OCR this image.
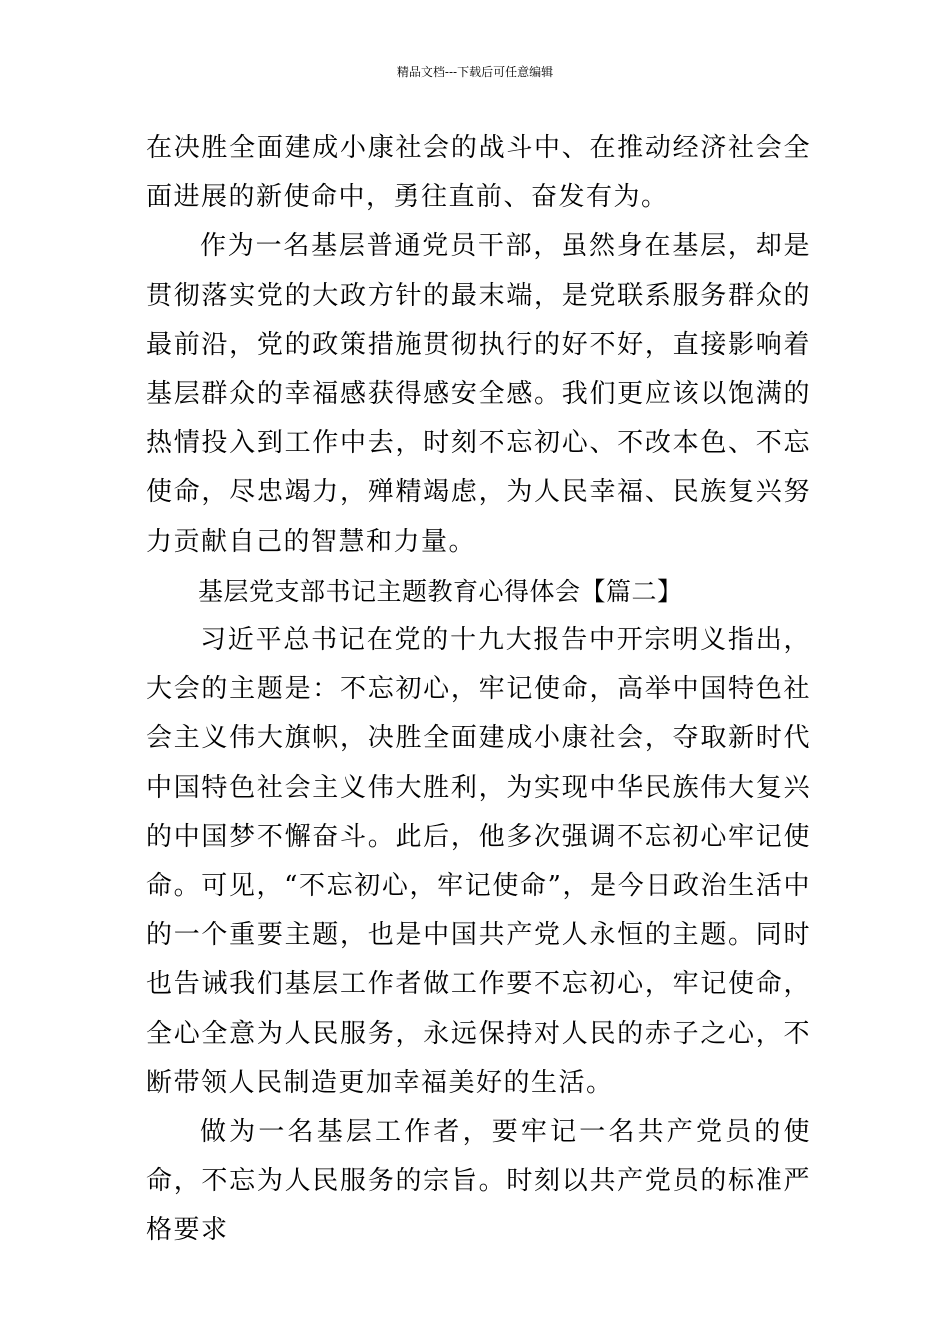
精品文档---下载后可任意编辑

在决胜全面建成小康社会的战斗中、在推动经济社会全面进展的新使命中，勇往直前、奋发有为。

作为一名基层普通党员干部，虽然身在基层，却是贯彻落实党的大政方针的最末端，是党联系服务群众的最前沿，党的政策措施贯彻执行的好不好，直接影响着基层群众的幸福感获得感安全感。我们更应该以饱满的热情投入到工作中去，时刻不忘初心、不改本色、不忘使命，尽忠竭力，殚精竭虑，为人民幸福、民族复兴努力贡献自己的智慧和力量。

基层党支部书记主题教育心得体会【篇二】

习近平总书记在党的十九大报告中开宗明义指出，大会的主题是：不忘初心，牢记使命，高举中国特色社会主义伟大旗帜，决胜全面建成小康社会，夺取新时代中国特色社会主义伟大胜利，为实现中华民族伟大复兴的中国梦不懈奋斗。此后，他多次强调不忘初心牢记使命。可见，“不忘初心，牢记使命”，是今日政治生活中的一个重要主题，也是中国共产党人永恒的主题。同时也告诫我们基层工作者做工作要不忘初心，牢记使命，全心全意为人民服务，永远保持对人民的赤子之心，不断带领人民制造更加幸福美好的生活。

做为一名基层工作者，要牢记一名共产党员的使命，不忘为人民服务的宗旨。时刻以共产党员的标准严格要求
